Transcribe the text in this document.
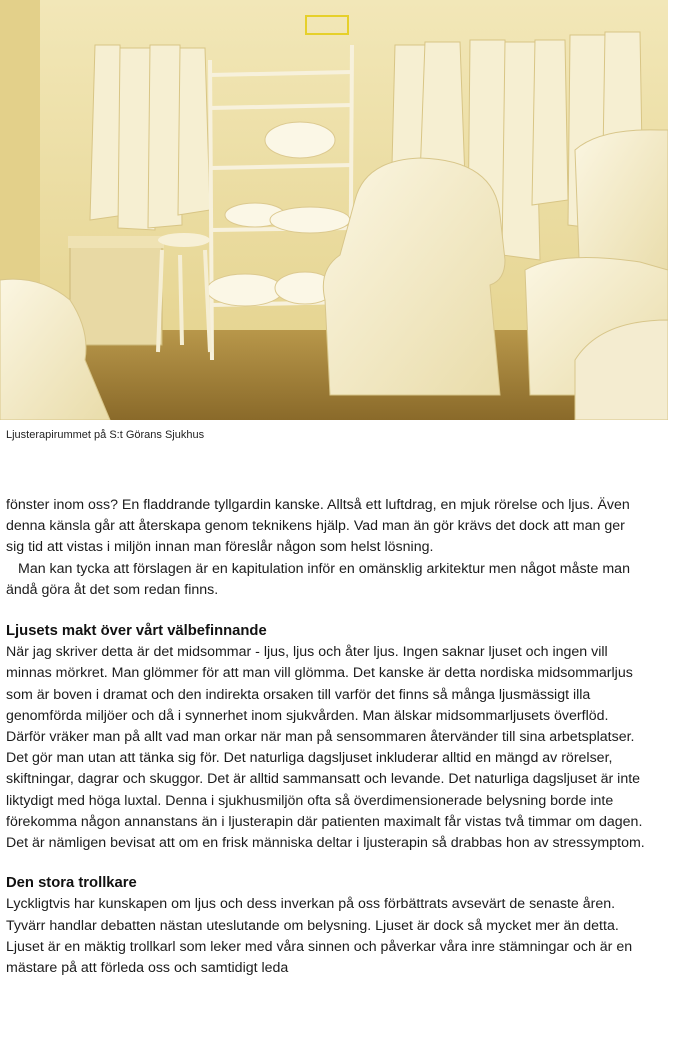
Ljusterapirummet på S:t Görans Sjukhus

fönster inom oss? En fladdrande tyllgardin kanske. Alltså ett luftdrag, en mjuk rörelse och ljus. Även denna känsla går att återskapa genom teknikens hjälp. Vad man än gör krävs det dock att man ger sig tid att vistas i miljön innan man föreslår någon som helst lösning.

Man kan tycka att förslagen är en kapitulation inför en omänsklig arkitektur men något måste man ändå göra åt det som redan finns.

Ljusets makt över vårt välbefinnande

När jag skriver detta är det midsommar - ljus, ljus och åter ljus. Ingen saknar ljuset och ingen vill minnas mörkret. Man glömmer för att man vill glömma. Det kanske är detta nordiska midsommarljus som är boven i dramat och den indirekta orsaken till varför det finns så många ljusmässigt illa genomförda miljöer och då i synnerhet inom sjukvården. Man älskar midsommarljusets överflöd. Därför vräker man på allt vad man orkar när man på sensommaren återvänder till sina arbetsplatser. Det gör man utan att tänka sig för. Det naturliga dagsljuset inkluderar alltid en mängd av rörelser, skiftningar, dagrar och skuggor. Det är alltid sammansatt och levande. Det naturliga dagsljuset är inte liktydigt med höga luxtal. Denna i sjukhusmiljön ofta så överdimensionerade belysning borde inte förekomma någon annanstans än i ljusterapin där patienten maximalt får vistas två timmar om dagen. Det är nämligen bevisat att om en frisk människa deltar i ljusterapin så drabbas hon av stressymptom.

Den stora trollkare

Lyckligtvis har kunskapen om ljus och dess inverkan på oss förbättrats avsevärt de senaste åren. Tyvärr handlar debatten nästan uteslutande om belysning. Ljuset är dock så mycket mer än detta. Ljuset är en mäktig trollkarl som leker med våra sinnen och påverkar våra inre stämningar och är en mästare på att förleda oss och samtidigt leda
